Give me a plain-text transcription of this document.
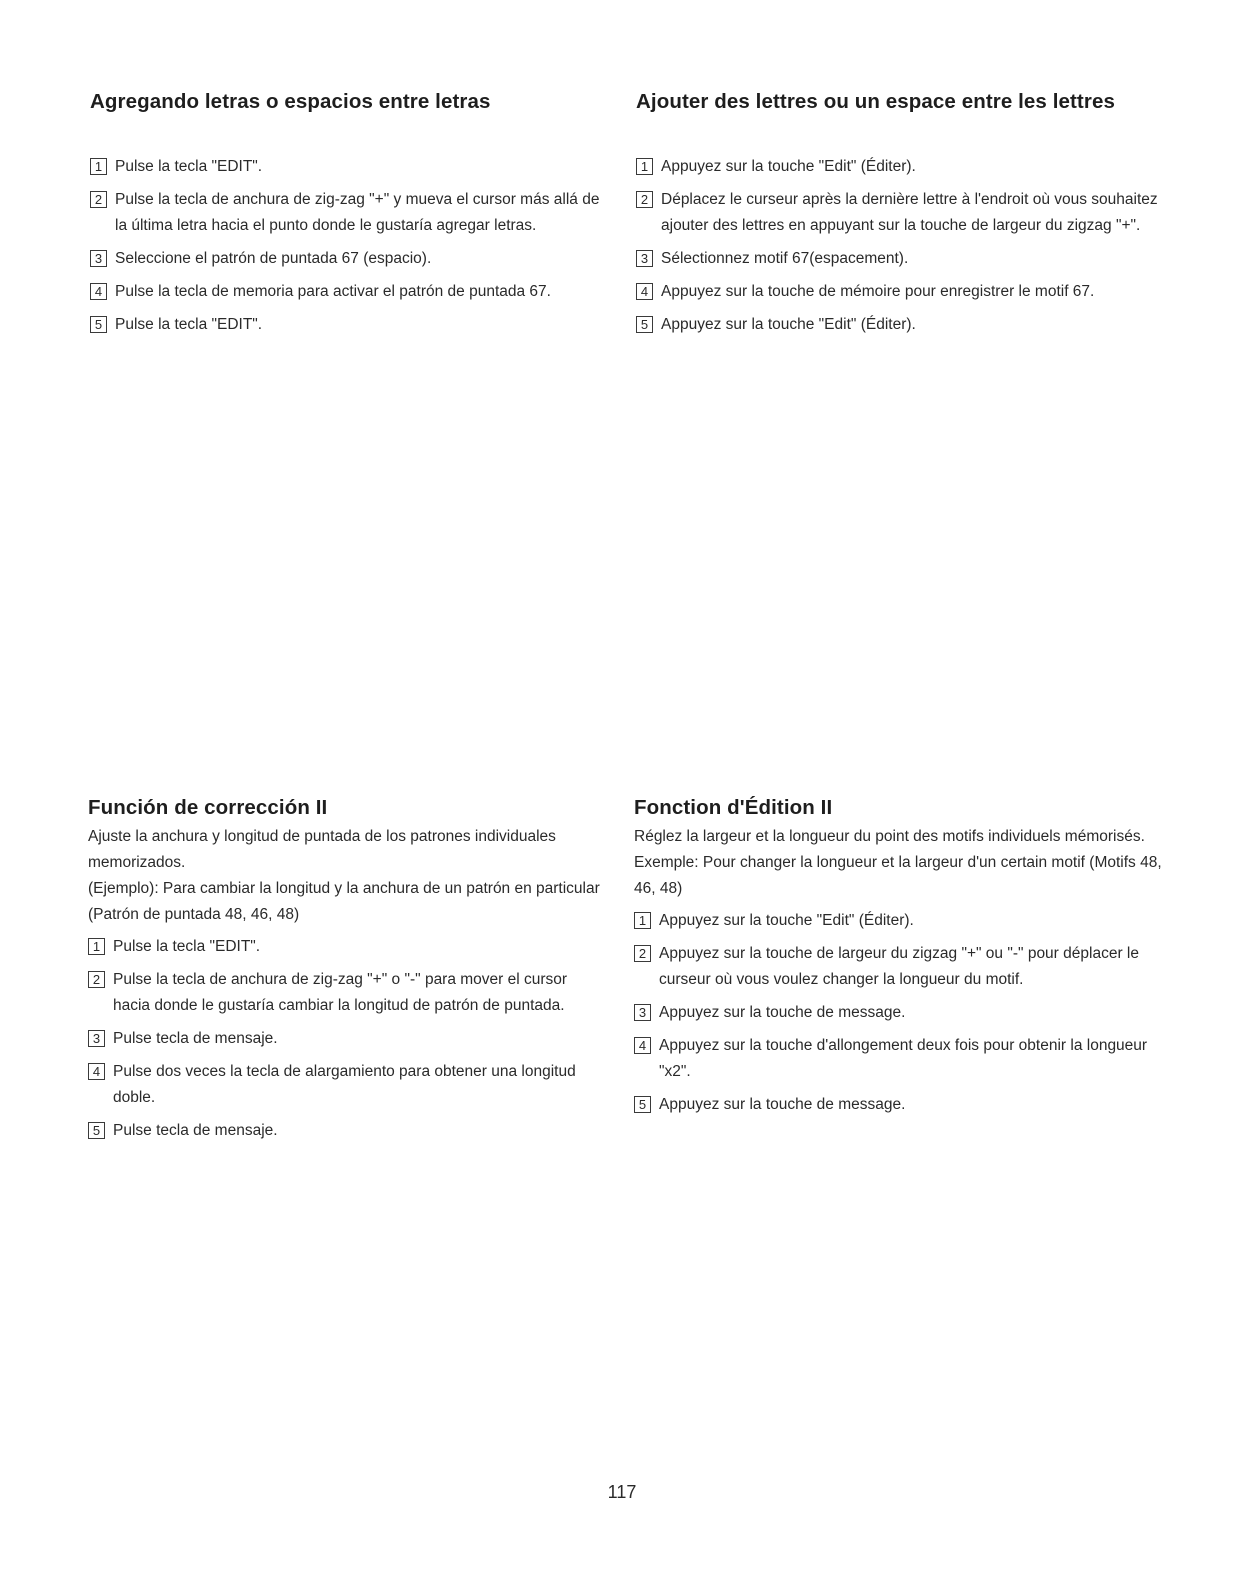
Agregando letras o espacios entre letras
1 Pulse la tecla "EDIT".
2 Pulse la tecla de anchura de zig-zag "+" y mueva el cursor más allá de la última letra hacia el punto donde le gustaría agregar letras.
3 Seleccione el patrón de puntada 67 (espacio).
4 Pulse la tecla de memoria para activar el patrón de puntada 67.
5 Pulse la tecla "EDIT".
Ajouter des lettres ou un espace entre les lettres
1 Appuyez sur la touche "Edit" (Éditer).
2 Déplacez le curseur après la dernière lettre à l'endroit où vous souhaitez ajouter des lettres en appuyant sur la touche de largeur du zigzag "+".
3 Sélectionnez motif 67(espacement).
4 Appuyez sur la touche de mémoire pour enregistrer le motif 67.
5 Appuyez sur la touche "Edit" (Éditer).
Función de corrección II

Ajuste la anchura y longitud de puntada de los patrones individuales memorizados.

(Ejemplo): Para cambiar la longitud y la anchura de un patrón en particular (Patrón de puntada 48, 46, 48)

1 Pulse la tecla "EDIT".
2 Pulse la tecla de anchura de zig-zag "+" o "-" para mover el cursor hacia donde le gustaría cambiar la longitud de patrón de puntada.
3 Pulse tecla de mensaje.
4 Pulse dos veces la tecla de alargamiento para obtener una longitud doble.
5 Pulse tecla de mensaje.
Fonction d'Édition II

Réglez la largeur et la longueur du point des motifs individuels mémorisés.

Exemple: Pour changer la longueur et la largeur d'un certain motif (Motifs 48, 46, 48)

1 Appuyez sur la touche "Edit" (Éditer).
2 Appuyez sur la touche de largeur du zigzag "+" ou "-" pour déplacer le curseur où vous voulez changer la longueur du motif.
3 Appuyez sur la touche de message.
4 Appuyez sur la touche d'allongement deux fois pour obtenir la longueur "x2".
5 Appuyez sur la touche de message.
117
